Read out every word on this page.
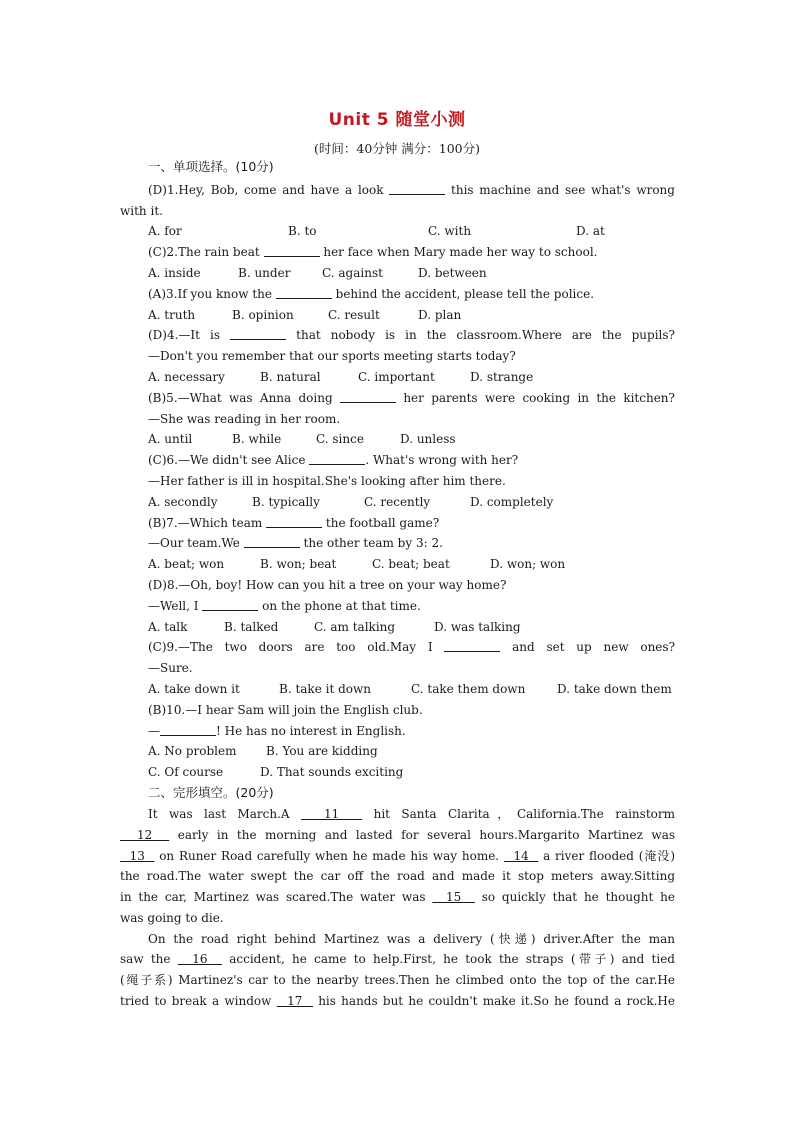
Unit 5 随堂小测
(时间：40分钟 满分：100分)
一、单项选择。(10分)
(D)1.Hey, Bob, come and have a look	this machine and see what's wrong
with it.
A. for	B. to	C. with	D. at
(C)2.The rain beat	her face when Mary made her way to school.
A. inside	B. under	C. against	D. between
(A)3.If you know the	behind the accident, please tell the police.
A. truth	B. opinion	C. result	D. plan
(D)4.—It is	that nobody is in the classroom.Where are the pupils?
—Don't you remember that our sports meeting starts today?
A. necessary	B. natural	C. important	D. strange
(B)5.—What was Anna doing	her parents were cooking in the kitchen?
—She was reading in her room.
A. until	B. while	C. since	D. unless
(C)6.—We didn't see Alice	. What's wrong with her?
—Her father is ill in hospital.She's looking after him there.
A. secondly	B. typically	C. recently	D. completely
(B)7.—Which team	the football game?
—Our team.We	the other team by 3: 2.
A. beat; won	B. won; beat	C. beat; beat	D. won; won
(D)8.—Oh, boy! How can you hit a tree on your way home?
—Well, I	on the phone at that time.
A. talk	B. talked	C. am talking	D. was talking
(C)9.—The two doors are too old.May I	and set up new ones?
—Sure.
A. take down it	B. take it down	C. take them down	D. take down them
(B)10.—I hear Sam will join the English club.
—	! He has no interest in English.
A. No problem	B. You are kidding
C. Of course	D. That sounds exciting
二、完形填空。(20分)
It was last March.A   11   hit Santa Clarita，California.The rainstorm
12   early in the morning and lasted for several hours.Margarito Martinez was
13   on Runer Road carefully when he made his way home.   14   a river flooded (淹没)
the road.The water swept the car off the road and made it stop meters away.Sitting
in the car, Martinez was scared.The water was   15   so quickly that he thought he
was going to die.
On the road right behind Martinez was a delivery (快递) driver.After the man
saw the   16   accident, he came to help.First, he took the straps (带子) and tied
(绳子系) Martinez's car to the nearby trees.Then he climbed onto the top of the car.He
tried to break a window   17   his hands but he couldn't make it.So he found a rock.He
